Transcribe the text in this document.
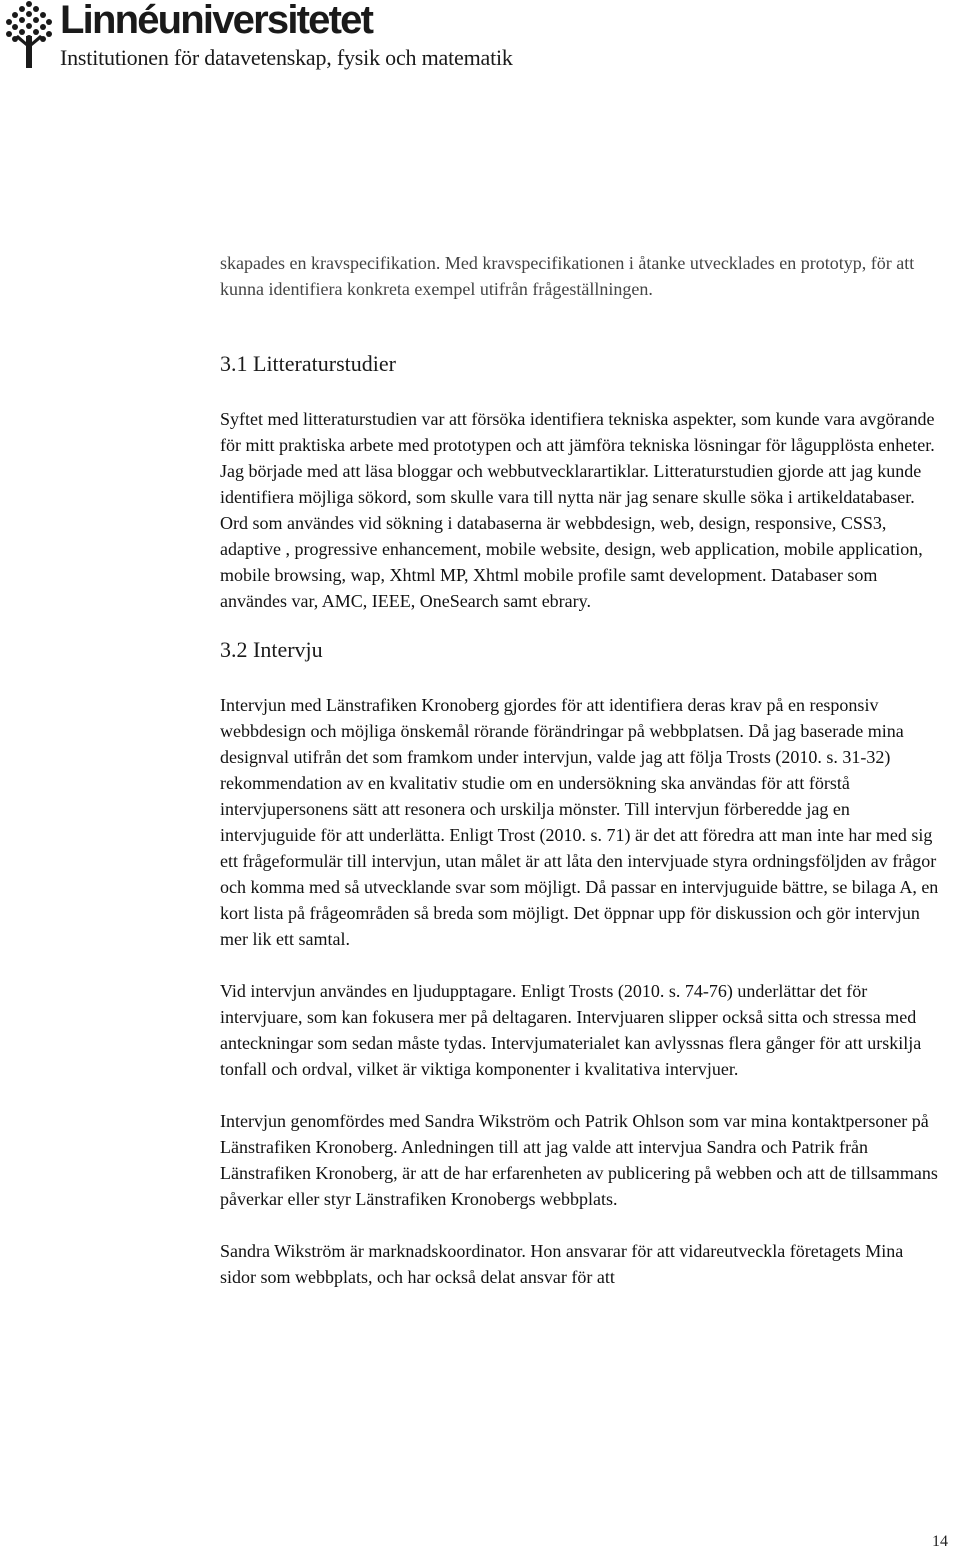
Linnéuniversitetet
Institutionen för datavetenskap, fysik och matematik

skapades en kravspecifikation. Med kravspecifikationen i åtanke utvecklades en prototyp, för att kunna identifiera konkreta exempel utifrån frågeställningen.

3.1 Litteraturstudier

Syftet med litteraturstudien var att försöka identifiera tekniska aspekter, som kunde vara avgörande för mitt praktiska arbete med prototypen och att jämföra tekniska lösningar för lågupplösta enheter. Jag började med att läsa bloggar och webbutvecklarartiklar. Litteraturstudien gjorde att jag kunde identifiera möjliga sökord, som skulle vara till nytta när jag senare skulle söka i artikeldatabaser. Ord som användes vid sökning i databaserna är webbdesign, web, design, responsive, CSS3, adaptive , progressive enhancement, mobile website, design, web application, mobile application, mobile browsing, wap, Xhtml MP, Xhtml mobile profile samt development. Databaser som användes var, AMC, IEEE, OneSearch samt ebrary.

3.2 Intervju

Intervjun med Länstrafiken Kronoberg gjordes för att identifiera deras krav på en responsiv webbdesign och möjliga önskemål rörande förändringar på webbplatsen. Då jag baserade mina designval utifrån det som framkom under intervjun, valde jag att följa Trosts (2010. s. 31-32) rekommendation av en kvalitativ studie om en undersökning ska användas för att förstå intervjupersonens sätt att resonera och urskilja mönster. Till intervjun förberedde jag en intervjuguide för att underlätta. Enligt Trost (2010. s. 71) är det att föredra att man inte har med sig ett frågeformulär till intervjun, utan målet är att låta den intervjuade styra ordningsföljden av frågor och komma med så utvecklande svar som möjligt. Då passar en intervjuguide bättre, se bilaga A, en kort lista på frågeområden så breda som möjligt. Det öppnar upp för diskussion och gör intervjun mer lik ett samtal.

Vid intervjun användes en ljudupptagare. Enligt Trosts (2010. s. 74-76) underlättar det för intervjuare, som kan fokusera mer på deltagaren. Intervjuaren slipper också sitta och stressa med anteckningar som sedan måste tydas. Intervjumaterialet kan avlyssnas flera gånger för att urskilja tonfall och ordval, vilket är viktiga komponenter i kvalitativa intervjuer.

Intervjun genomfördes med Sandra Wikström och Patrik Ohlson som var mina kontaktpersoner på Länstrafiken Kronoberg. Anledningen till att jag valde att intervjua Sandra och Patrik från Länstrafiken Kronoberg, är att de har erfarenheten av publicering på webben och att de tillsammans påverkar eller styr Länstrafiken Kronobergs webbplats.

Sandra Wikström är marknadskoordinator. Hon ansvarar för att vidareutveckla företagets Mina sidor som webbplats, och har också delat ansvar för att

14
